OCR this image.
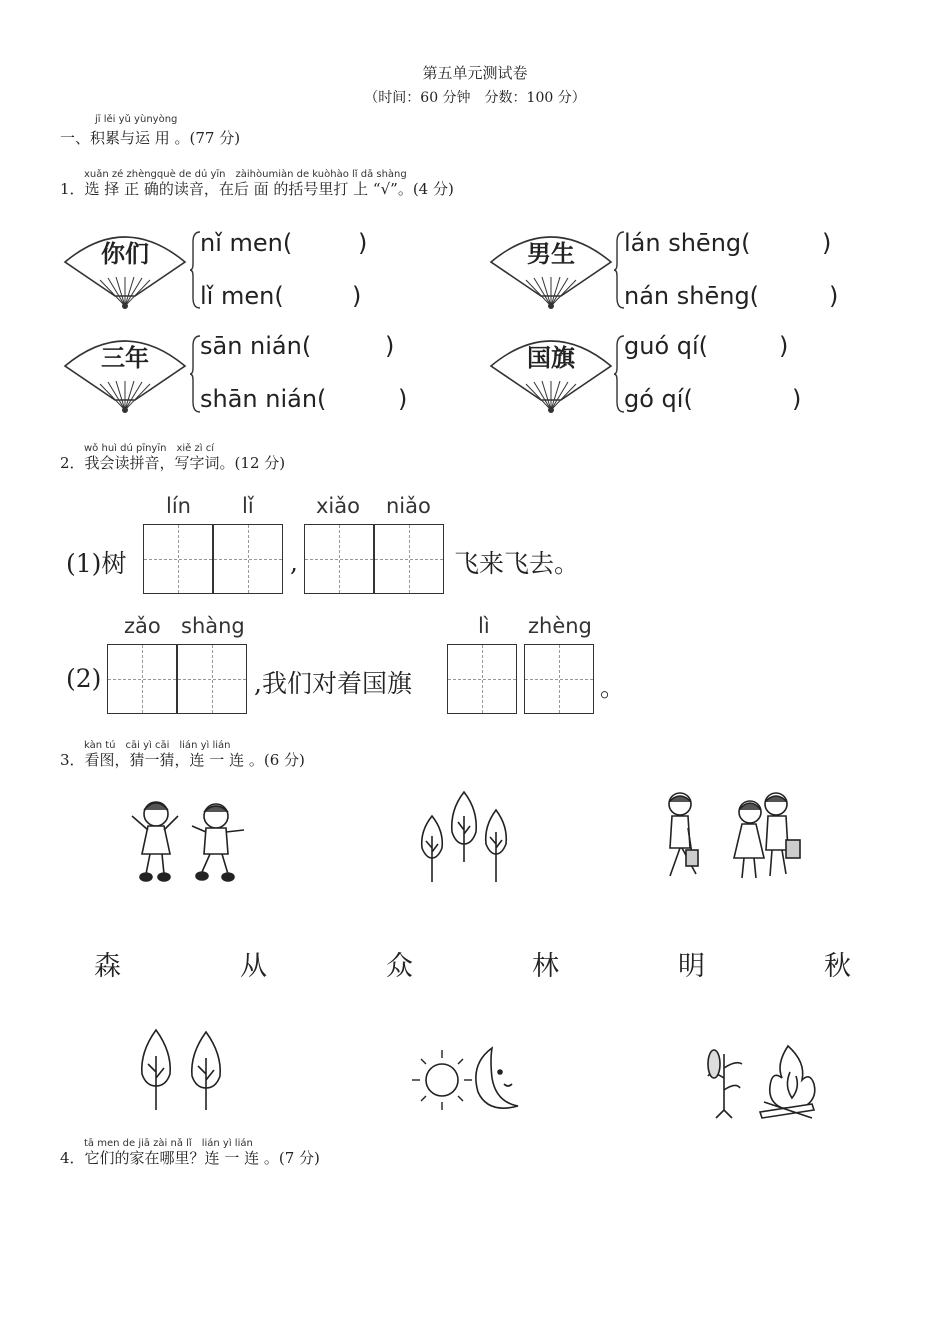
第五单元测试卷
（时间：60 分钟　分数：100 分）
jī lěi yǔ yùnyòng
一、积累与运 用 。(77 分)
xuǎn zé zhèngquè de dú yīn　zàihòumiàn de kuòhào lǐ dǎ shàng
1．选 择 正 确的读音，在后 面 的括号里打 上 “√”。(4 分)
你们	nǐ men(	)
lǐ men(	)
男生	lán shēng(	)
nán shēng(	)
三年	sān nián(	)
shān nián(	)
国旗	guó qí(	)
gó qí(	)
wǒ huì dú pīnyīn　xiě zì cí
2．我会读拼音，写字词。(12 分)
lín lǐ	xiǎo niǎo
(1)树	,	飞来飞去。
zǎo shàng	lì zhèng
(2)	,我们对着国旗	。
kàn tú　cāi yì cāi　lián yì lián
3．看图，猜一猜，连 一 连 。(6 分)
森	从	众	林	明	秋
tā men de jiā zài nǎ lǐ　lián yì lián
4．它们的家在哪里？连 一 连 。(7 分)
